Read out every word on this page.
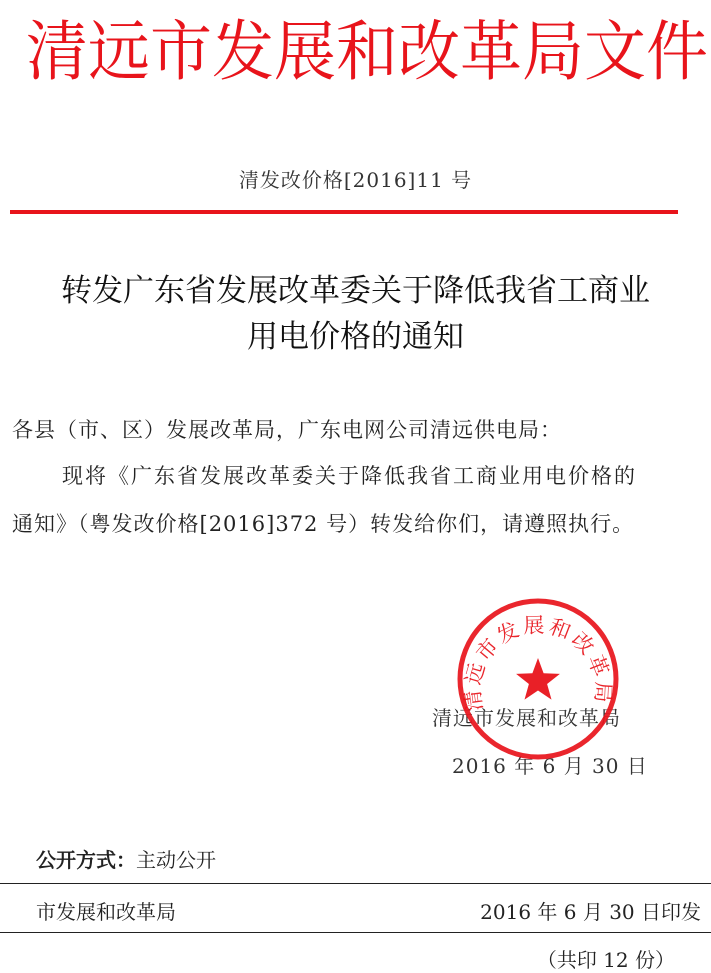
清远市发展和改革局文件
清发改价格[2016]11 号
转发广东省发展改革委关于降低我省工商业
用电价格的通知
各县（市、区）发展改革局，广东电网公司清远供电局：
现将《广东省发展改革委关于降低我省工商业用电价格的
通知》（粤发改价格[2016]372 号）转发给你们，请遵照执行。
清远市发展和改革局
2016 年 6 月 30 日
清远市发展和改革局
公开方式：主动公开
市发展和改革局	2016 年 6 月 30 日印发
（共印 12 份）
